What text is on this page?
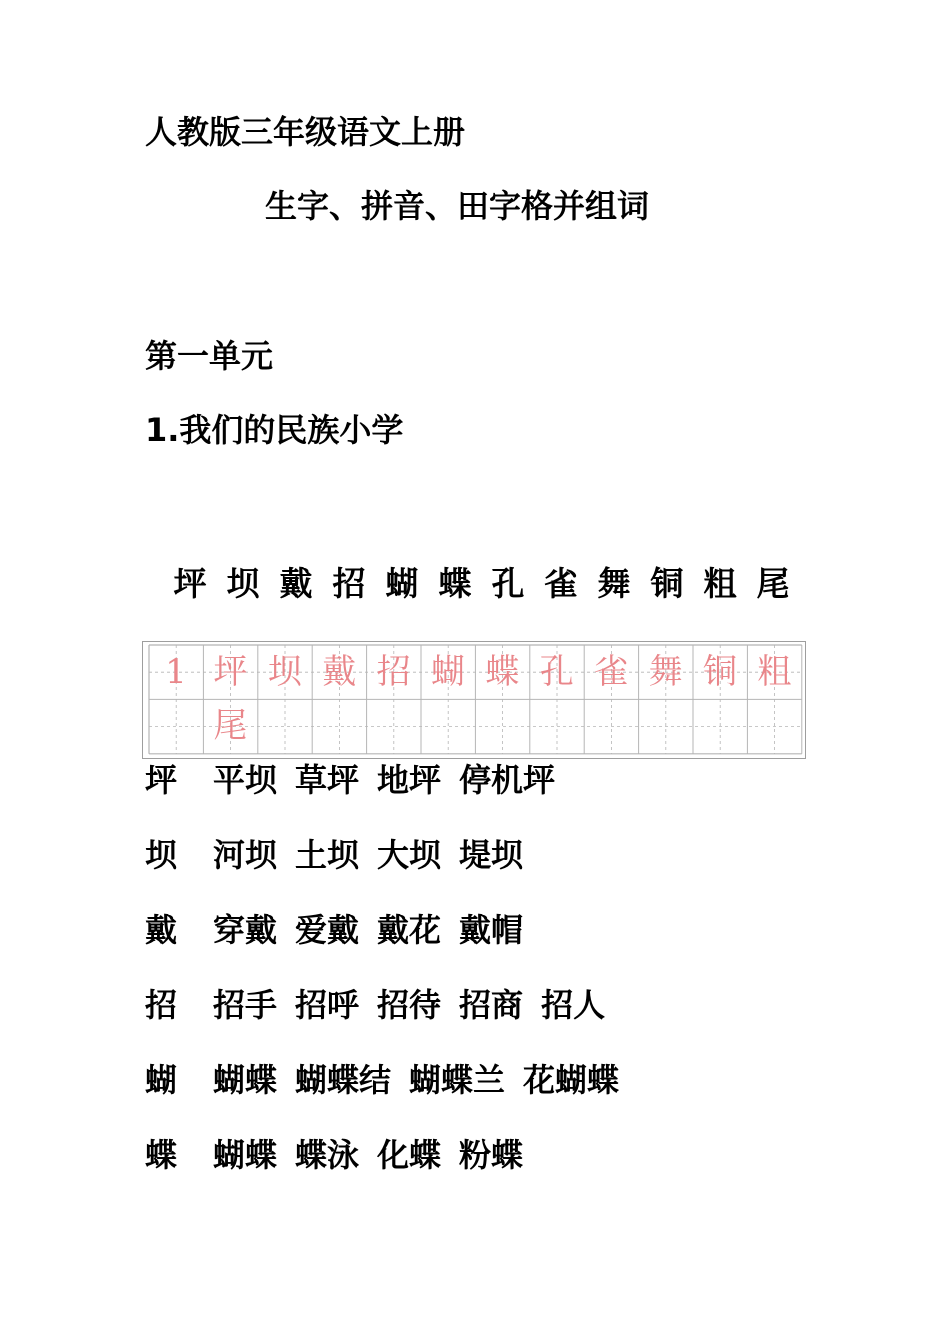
人教版三年级语文上册
生字、拼音、田字格并组词
第一单元
1.我们的民族小学
坪 坝 戴 招 蝴 蝶 孔 雀 舞 铜 粗 尾
1 坪 坝 戴 招 蝴 蝶 孔 雀 舞 铜 粗
尾
坪 平坝 草坪 地坪 停机坪
坝 河坝 土坝 大坝 堤坝
戴 穿戴 爱戴 戴花 戴帽
招 招手 招呼 招待 招商 招人
蝴 蝴蝶 蝴蝶结 蝴蝶兰 花蝴蝶
蝶 蝴蝶 蝶泳 化蝶 粉蝶
